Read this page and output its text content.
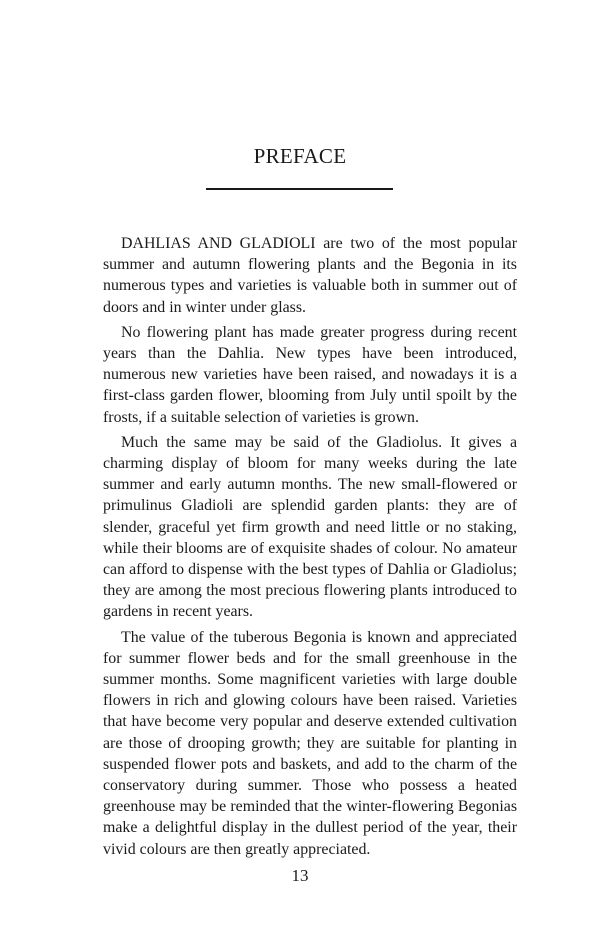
PREFACE

DAHLIAS AND GLADIOLI are two of the most popular summer and autumn flowering plants and the Begonia in its numerous types and varieties is valuable both in summer out of doors and in winter under glass.

No flowering plant has made greater progress during recent years than the Dahlia. New types have been introduced, numerous new varieties have been raised, and nowadays it is a first-class garden flower, blooming from July until spoilt by the frosts, if a suitable selection of varieties is grown.

Much the same may be said of the Gladiolus. It gives a charming display of bloom for many weeks during the late summer and early autumn months. The new small-flowered or primulinus Gladioli are splendid garden plants: they are of slender, graceful yet firm growth and need little or no staking, while their blooms are of exquisite shades of colour. No amateur can afford to dispense with the best types of Dahlia or Gladiolus; they are among the most precious flowering plants introduced to gardens in recent years.

The value of the tuberous Begonia is known and appreciated for summer flower beds and for the small greenhouse in the summer months. Some magnificent varieties with large double flowers in rich and glowing colours have been raised. Varieties that have become very popular and deserve extended cultivation are those of drooping growth; they are suitable for planting in suspended flower pots and baskets, and add to the charm of the conservatory during summer. Those who possess a heated greenhouse may be reminded that the winter-flowering Begonias make a delightful display in the dullest period of the year, their vivid colours are then greatly appreciated.

13
